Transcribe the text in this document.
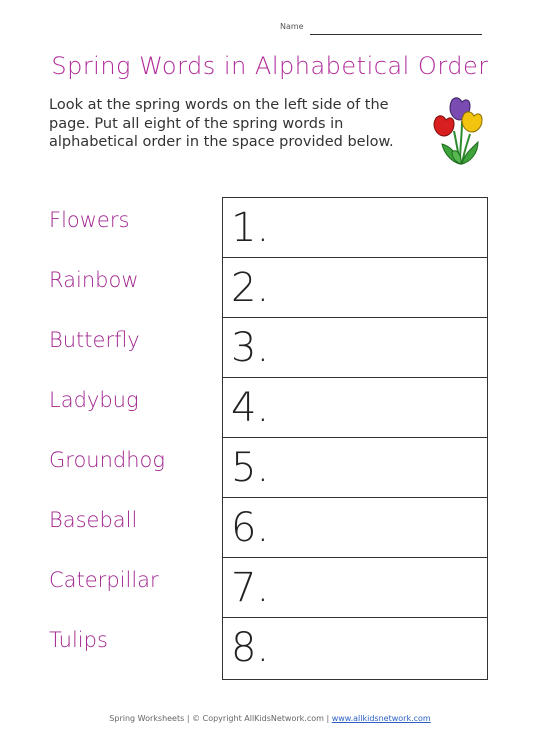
Name
Spring Words in Alphabetical Order
Look at the spring words on the left side of the
page. Put all eight of the spring words in
alphabetical order in the space provided below.
Flowers
Rainbow
Butterfly
Ladybug
Groundhog
Baseball
Caterpillar
Tulips
1.
2.
3.
4.
5.
6.
7.
8.
Spring Worksheets | © Copyright AllKidsNetwork.com | www.allkidsnetwork.com
